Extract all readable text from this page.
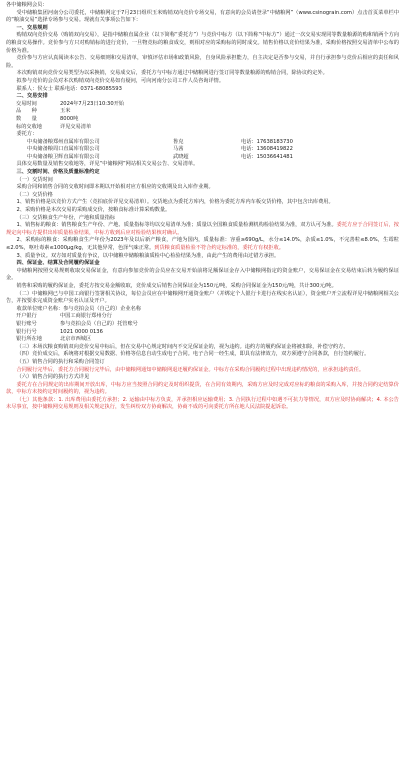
各中储粮网会员：

受中储粮集团河南分公司委托，中储粮网定于7月23日组织玉米购销双向竞价专场交易，有意向的会员请登录“中储粮网”（www.csinograin.com）点击首页菜单栏中的“粮油交易”选择专场参与交易。现就有关事项公告如下：

一、交易规则

购销双向竞价交易（购销双向交易），是指中储粮直属企业（以下简称“委托方”）与竞价中标方（以下简称“中标方”）通过一次交易实现同等数量粮源的购和销两个方向的粮食交易操作。竞价参与方只对购销标的进行竞价，一旦物竞标的粮食成交，则相对应的采购标的同时成交。销售价格以竞价结果为准，采购价格按照交易清单中公布的价格为准。

竞价参与方应认真阅读本公告、交易细则和交易清单，审慎评估市场和政策风险，自身风险承担能力，自主决定是否参与交易，并自行承担参与竞价后相应的责任和风险。

本次购销双向竞价交易类型为以采换销，交易成交后，委托方与中标方通过中储粮网进行签订同等数量粮源的购销合同，除协议约定外。

拟参与竞价的会员对本次购销双向竞价交易如有疑问，可向河南分公司工作人员咨询详情。

联系人：侯女士 联系电话：0371-68085593

二、交易安排

交易时间	2024年7月23日10:30开始
品　　种	玉米
数　　量	8000吨
标的交收地	详见交易清单

委托方：

中央储备粮郑州直属库有限公司	鲁克	电话：17638183730
中央储备粮周口直属库有限公司	马茜	电话：13608419822
中央储备粮卫辉直属库有限公司	武晓超	电话：15036641481

具体交易数量及销售交收地等，详见“中储粮网”网站相关交易公告、交易清单。

三、交割时间、价格及质量标准约定

（一）交货时间

采购合同和销售合同的交收时间即本期以开始相对应方相应的交收期及出入库作业期。

（二）交货价格

1、销售价格是以竞价方式产生（竞拍底价详见交易清单）。交货地点为委托方库内，价格为委托方库内车板交货价格，其中包含出库费用。

2、采购价格是本次交易的采购成交价，按粮食标准计算采购数量。

（三）交货粮食生产年份，产地和质量指标

1、销售标的粮食：销售粮食生产年份、产地、质量指标等均以交易清单为准；质量以全国粮食质量检测机构检验结果为准，双方认可为准。委托方应于合同签订后，按规定向中标方提供出库质量检验结果，中标方收到后应对检验结果核对确认。

2、采购标的粮食：采购粮食生产年份为2023年及以后新产粮食，产地为国内，质量标准：容重≥690g/L，水分≤14.0%，杂质≤1.0%，不完善粒≤8.0%，生霉粒≤2.0%，呕吐毒素≤1000μg/kg，无其他异常，色泽气味正常。到货粮食质量检验不符合约定标准的，委托方有权拒收。

3、质量争议。双方如对质量有争议，以中储粮中储粮粮油质检中心检验结果为准，由此产生的费用由过错方承担。

四、保证金、结算及合同履约保证金

中储粮网按照交易规则收取交易保证金，有意向参加竞价的会员应在交易开始前将足额保证金存入中储粮网指定的资金账户，交易保证金在交易结束后转为履约保证金。

销售和采购的履约保证金，委托方按交易金额收取，竞价成交后销售合同保证金为150元/吨，采购合同保证金为150元/吨，共计300元/吨。

（二）中储粮网已与中国工商银行签署相关协议，每位会员应在中储粮网开通资金账户（并绑定个人银行卡进行在线实名认证），资金账户开立流程详见中储粮网相关公告，并按要求完成资金账户实名认证及开户。

收款单位账户名称：参与竞拍会员（自己的）企业名称

开户银行	中国工商银行郑州分行
银行账号	参与竞拍会员（自己的）托管账号
银行行号	1021 0000 0136
银行所在地	北京市西城区

（三）本场次粮食购销双向竞价交易中标后，但在交易中心规定时间内不交足保证金的，视为违约。违约方的履约保证金将被扣除，补偿守约方。

（四）竞价成交后，系统将对根据交易数据、价格等信息自动生成电子合同。电子合同一经生成，即具有法律效力，双方须遵守合同条款，自行签约履行。

（五）销售合同的执行和采购合同签订

合同履行完毕后，委托方合同履行完毕后，由中储粮网通知中储粮网退还履约保证金。中标方在采购合同履约过程中出现违约情况的，应承担违约责任。

（六）销售合同的执行方式详见

委托方在合同规定的出库期间开放出库，中标方应当按照合同约定及时组织提货，在合同有效期内，采购方应及时完成对应标的粮食的采购入库，并按合同约定结算价款，中标方未按约定时间履约的，视为违约。

（七）其他条款：1. 出库费用由委托方承担；2. 运输由中标方负责，并承担相应运输费用；3. 合同执行过程中如遇不可抗力等情况，双方应及时协商解决；4. 本公告未尽事宜，按中储粮网交易规则及相关规定执行，发生纠纷双方协商解决，协商不成的可向委托方所在地人民法院提起诉讼。
